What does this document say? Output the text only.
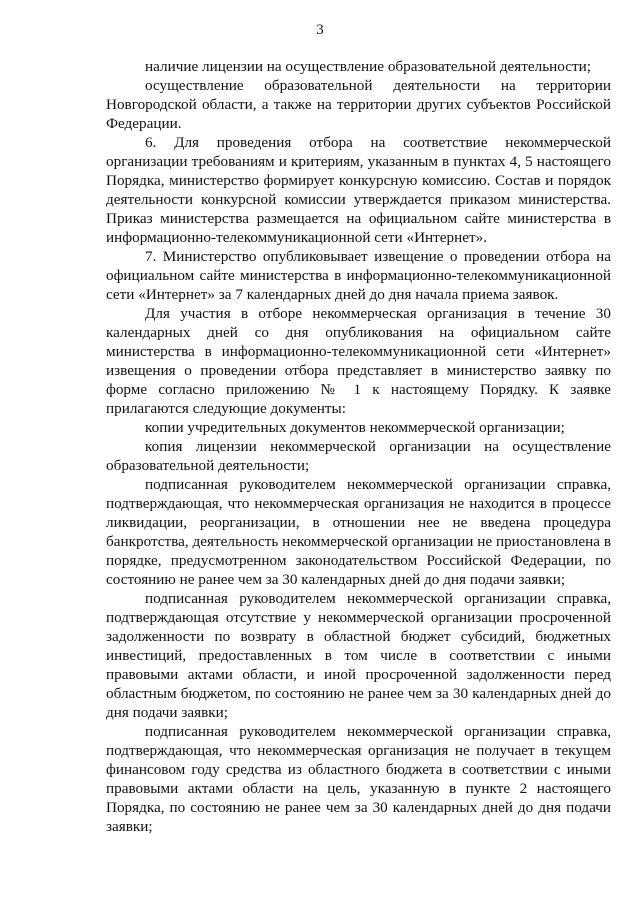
3

наличие лицензии на осуществление образовательной деятельности;

осуществление образовательной деятельности на территории Новгородской области, а также на территории других субъектов Российской Федерации.

6. Для проведения отбора на соответствие некоммерческой организации требованиям и критериям, указанным в пунктах 4, 5 настоящего Порядка, министерство формирует конкурсную комиссию. Состав и порядок деятельности конкурсной комиссии утверждается приказом министерства. Приказ министерства размещается на официальном сайте министерства в информационно-телекоммуникационной сети «Интернет».

7. Министерство опубликовывает извещение о проведении отбора на официальном сайте министерства в информационно-телекоммуникационной сети «Интернет» за 7 календарных дней до дня начала приема заявок.

Для участия в отборе некоммерческая организация в течение 30 календарных дней со дня опубликования на официальном сайте министерства в информационно-телекоммуникационной сети «Интернет» извещения о проведении отбора представляет в министерство заявку по форме согласно приложению № 1 к настоящему Порядку. К заявке прилагаются следующие документы:

копии учредительных документов некоммерческой организации;

копия лицензии некоммерческой организации на осуществление образовательной деятельности;

подписанная руководителем некоммерческой организации справка, подтверждающая, что некоммерческая организация не находится в процессе ликвидации, реорганизации, в отношении нее не введена процедура банкротства, деятельность некоммерческой организации не приостановлена в порядке, предусмотренном законодательством Российской Федерации, по состоянию не ранее чем за 30 календарных дней до дня подачи заявки;

подписанная руководителем некоммерческой организации справка, подтверждающая отсутствие у некоммерческой организации просроченной задолженности по возврату в областной бюджет субсидий, бюджетных инвестиций, предоставленных в том числе в соответствии с иными правовыми актами области, и иной просроченной задолженности перед областным бюджетом, по состоянию не ранее чем за 30 календарных дней до дня подачи заявки;

подписанная руководителем некоммерческой организации справка, подтверждающая, что некоммерческая организация не получает в текущем финансовом году средства из областного бюджета в соответствии с иными правовыми актами области на цель, указанную в пункте 2 настоящего Порядка, по состоянию не ранее чем за 30 календарных дней до дня подачи заявки;
